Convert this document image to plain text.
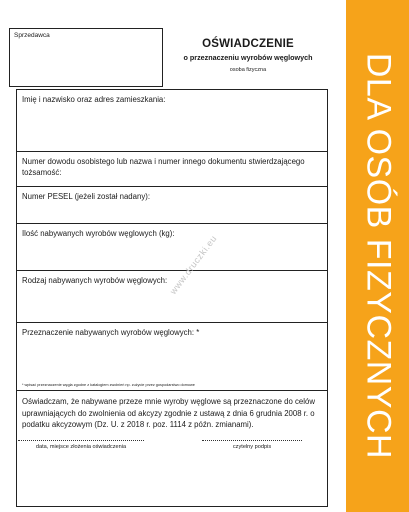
Sprzedawca
OŚWIADCZENIE
o przeznaczeniu wyrobów węglowych
osoba fizyczna
Imię i nazwisko oraz adres zamieszkania:
Numer dowodu osobistego lub nazwa i numer innego dokumentu stwierdzającego tożsamość:
Numer PESEL (jeżeli został nadany):
Ilość nabywanych wyrobów węglowych (kg):
Rodzaj nabywanych wyrobów węglowych:
Przeznaczenie nabywanych wyrobów węglowych: *
* wpisać przeznaczenie węgla zgodne z katalogiem zwolnień np. zużycie przez gospodarstwo domowe
Oświadczam, że nabywane przeze mnie wyroby węglowe są przeznaczone do celów uprawniających do zwolnienia od akcyzy zgodnie z ustawą z dnia 6 grudnia 2008 r. o podatku akcyzowym (Dz. U. z 2018 r. poz. 1114 z późn. zmianami).
data, miejsce złożenia oświadczenia	czytelny podpis
www.druczki.eu	DLA OSÓB FIZYCZNYCH
